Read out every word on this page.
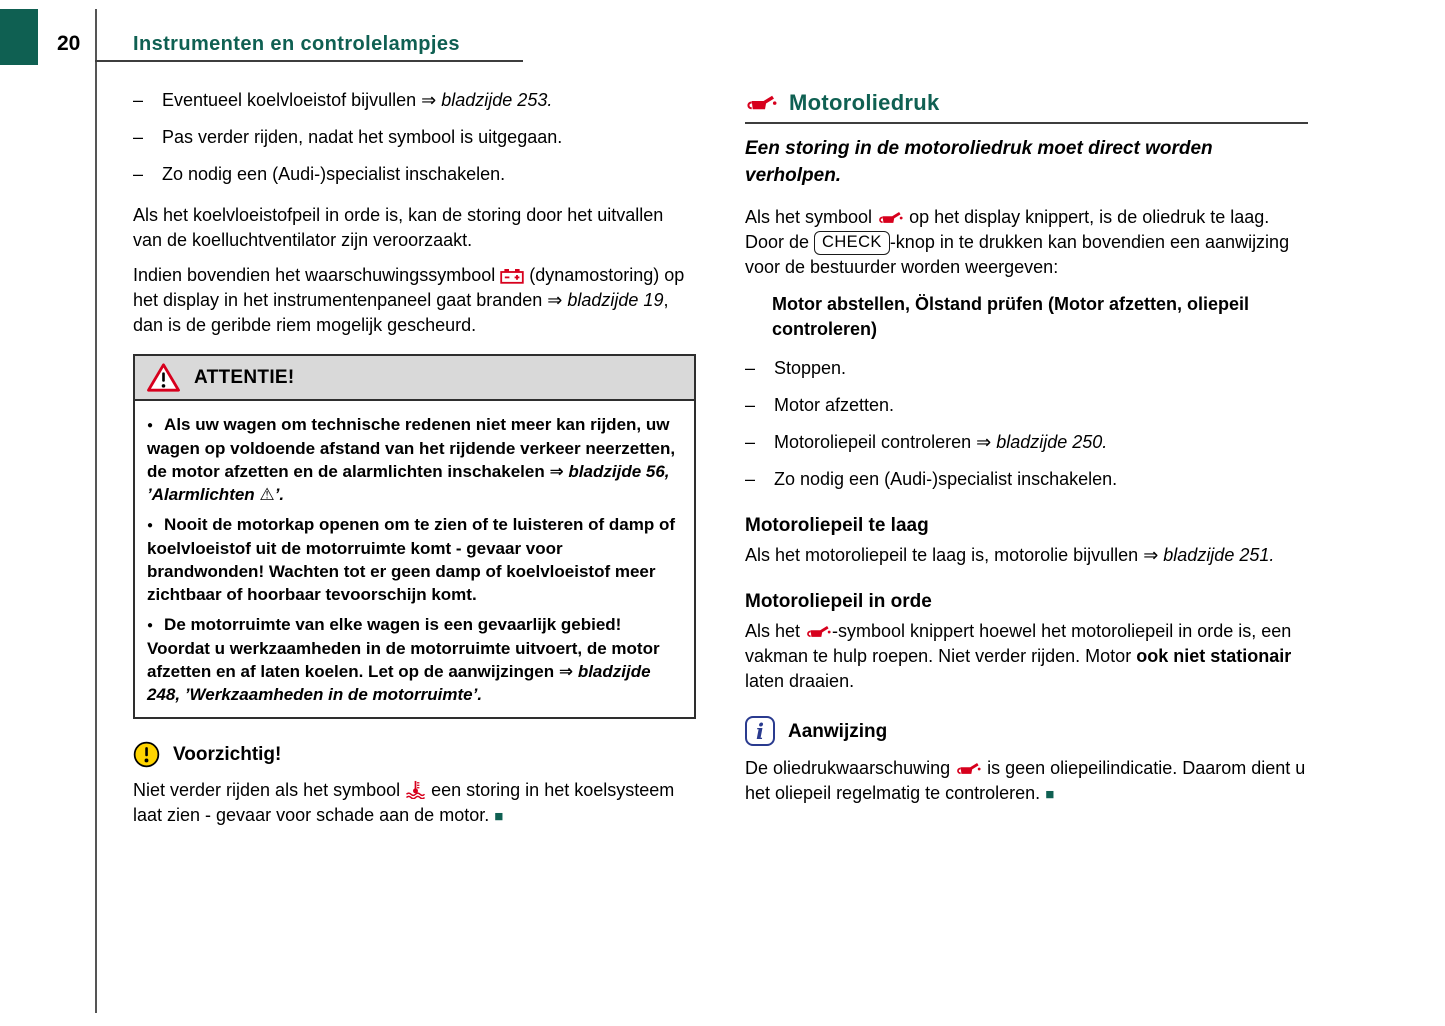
20	Instrumenten en controlelampjes
–	Eventueel koelvloeistof bijvullen ⇒ bladzijde 253.
–	Pas verder rijden, nadat het symbool is uitgegaan.
–	Zo nodig een (Audi-)specialist inschakelen.

Als het koelvloeistofpeil in orde is, kan de storing door het uitvallen van de koelluchtventilator zijn veroorzaakt.

Indien bovendien het waarschuwingssymbool  (dynamostoring) op het display in het instrumentenpaneel gaat branden ⇒ bladzijde 19, dan is de geribde riem mogelijk gescheurd.

ATTENTIE!

● Als uw wagen om technische redenen niet meer kan rijden, uw wagen op voldoende afstand van het rijdende verkeer neerzetten, de motor afzetten en de alarmlichten inschakelen ⇒ bladzijde 56, ’Alarmlichten ⚠’.

● Nooit de motorkap openen om te zien of te luisteren of damp of koelvloeistof uit de motorruimte komt - gevaar voor brandwonden! Wachten tot er geen damp of koelvloeistof meer zichtbaar of hoorbaar tevoorschijn komt.

● De motorruimte van elke wagen is een gevaarlijk gebied! Voordat u werkzaamheden in de motorruimte uitvoert, de motor afzetten en af laten koelen. Let op de aanwijzingen ⇒ bladzijde 248, ’Werkzaamheden in de motorruimte’.

Voorzichtig!

Niet verder rijden als het symbool  een storing in het koelsysteem laat zien - gevaar voor schade aan de motor. ■

Motoroliedruk

Een storing in de motoroliedruk moet direct worden verholpen.

Als het symbool  op het display knippert, is de oliedruk te laag. Door de CHECK -knop in te drukken kan bovendien een aanwijzing voor de bestuurder worden weergeven:

Motor abstellen, Ölstand prüfen (Motor afzetten, oliepeil controleren)

–	Stoppen.
–	Motor afzetten.
–	Motoroliepeil controleren ⇒ bladzijde 250.
–	Zo nodig een (Audi-)specialist inschakelen.
Motoroliepeil te laag

Als het motoroliepeil te laag is, motorolie bijvullen ⇒ bladzijde 251.

Motoroliepeil in orde

Als het -symbool knippert hoewel het motoroliepeil in orde is, een vakman te hulp roepen. Niet verder rijden. Motor ook niet stationair laten draaien.

i Aanwijzing

De oliedrukwaarschuwing  is geen oliepeilindicatie. Daarom dient u het oliepeil regelmatig te controleren. ■
